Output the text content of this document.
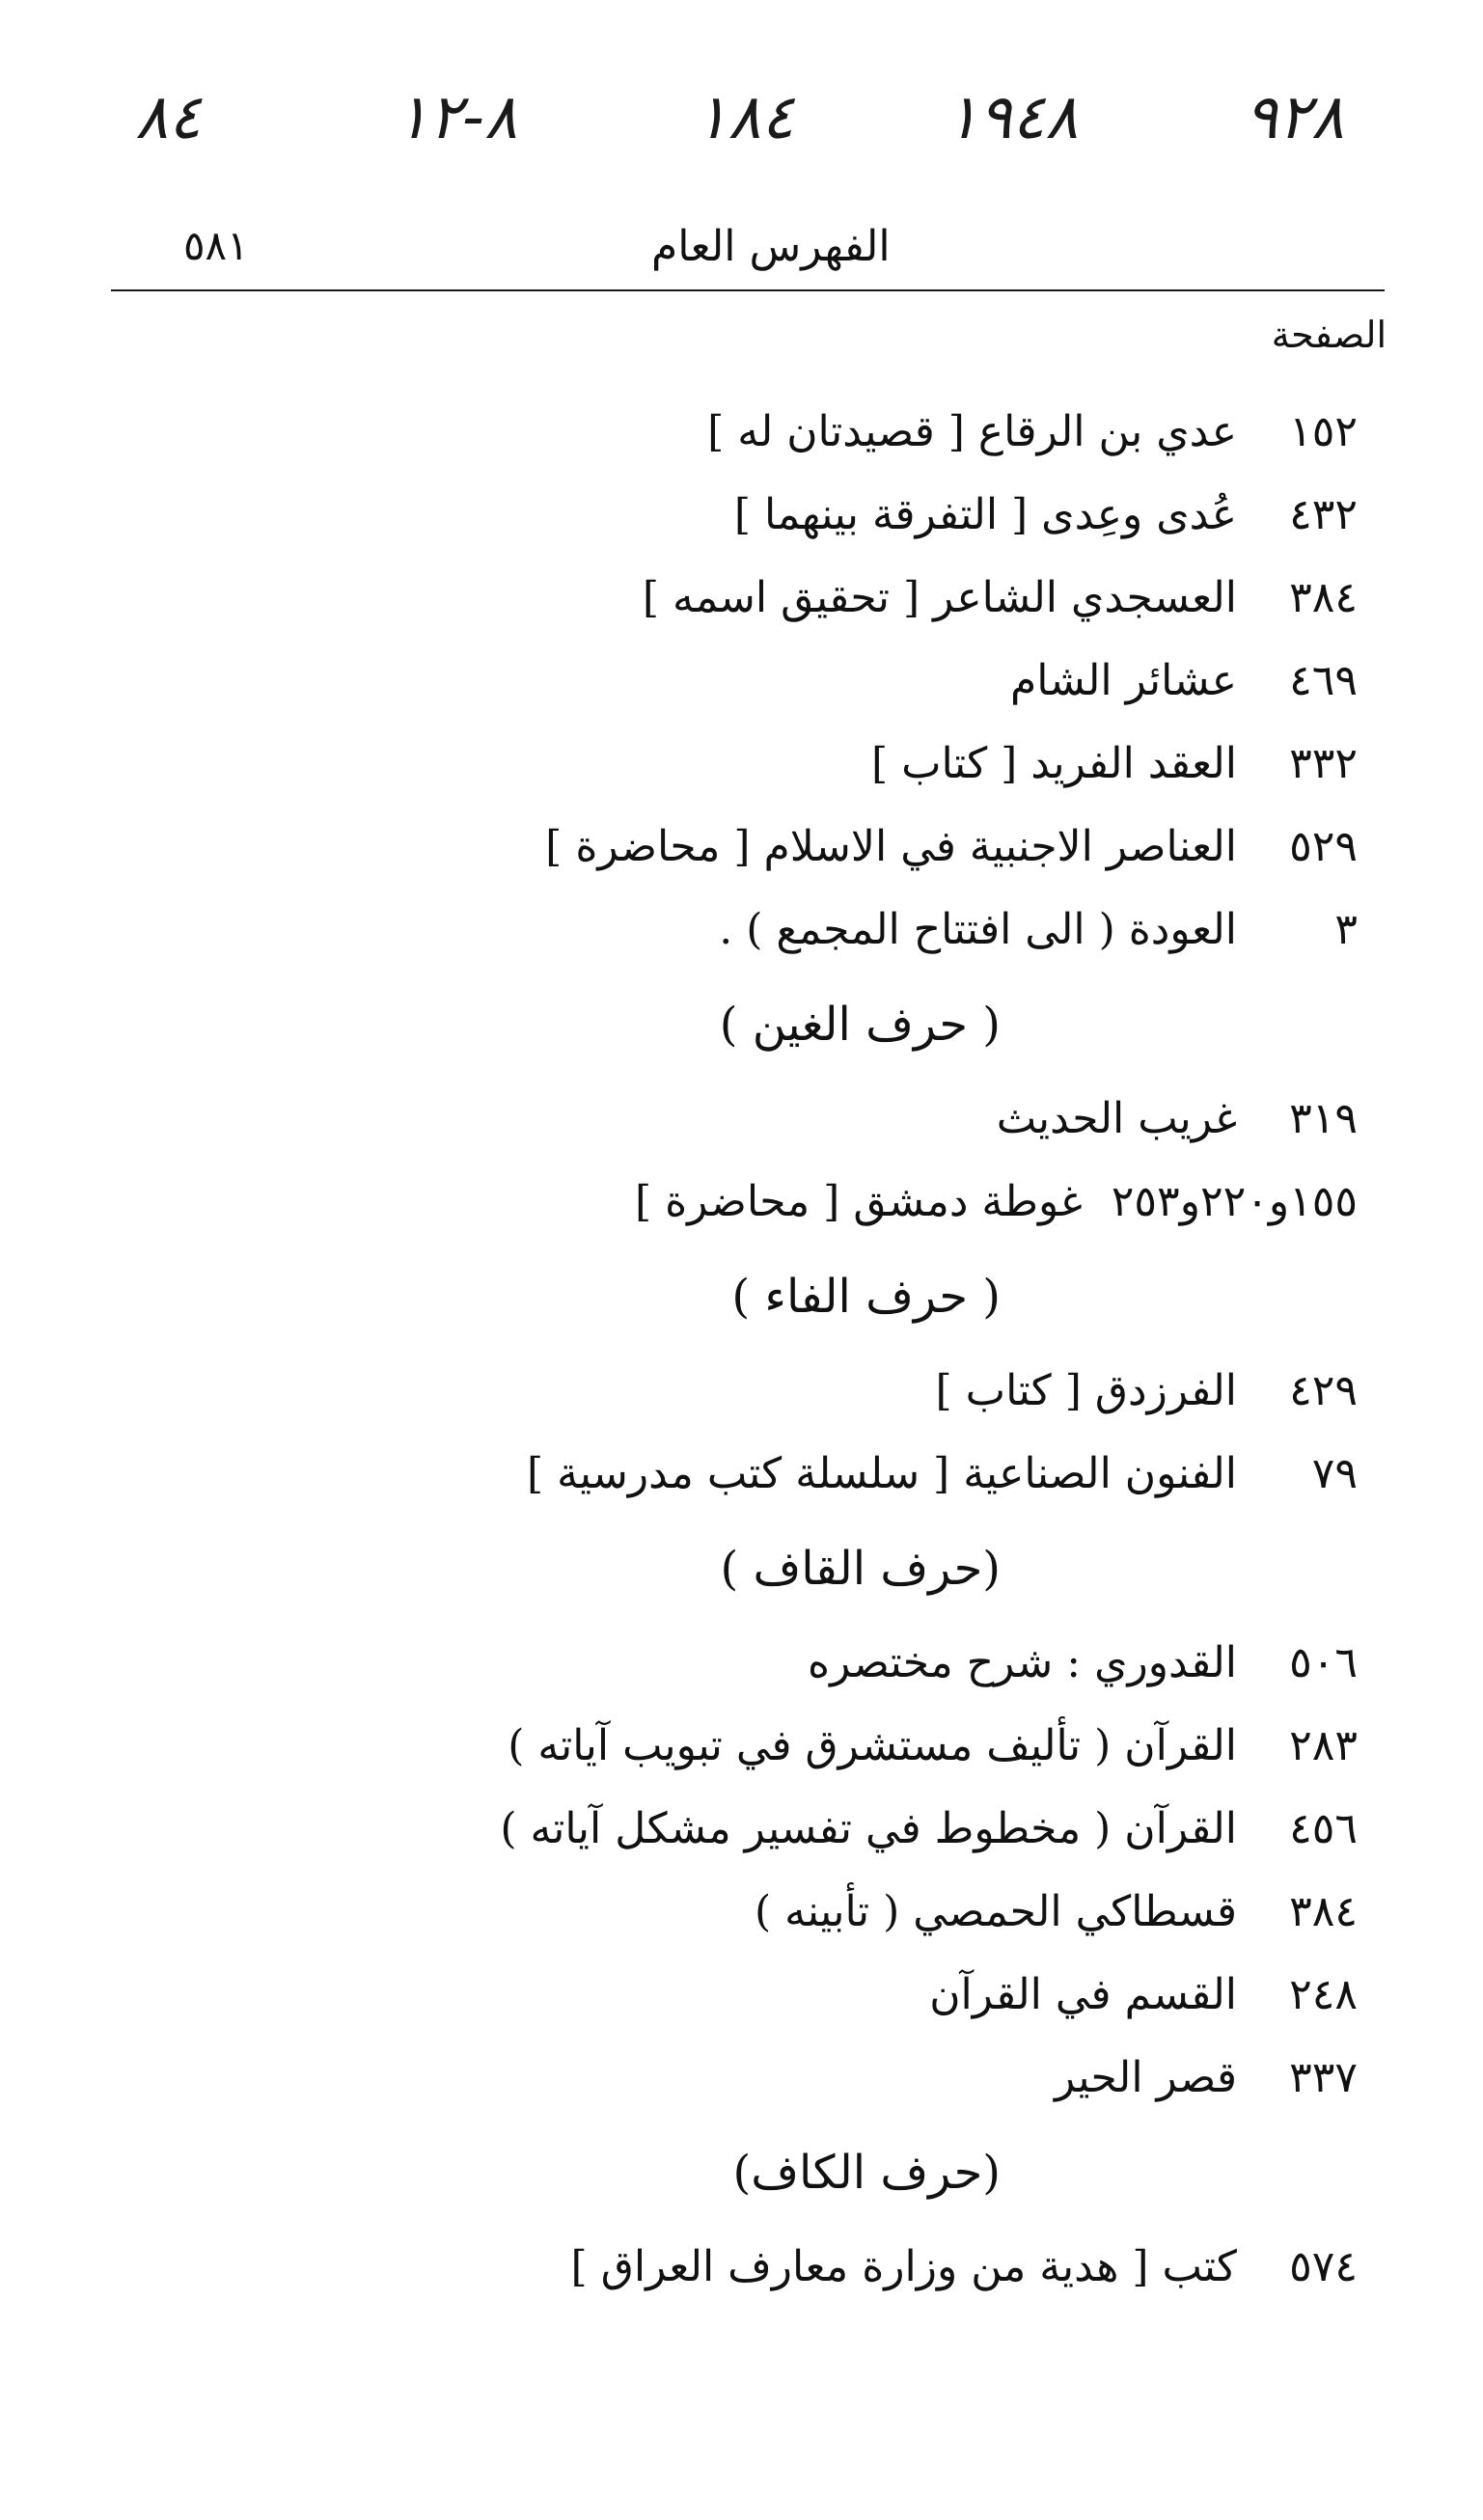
٩٢٨
١٩٤٨
١٨٤
٨-١٢
٨٤
٥٨١	الفهرس العام
الصفحة
١٥٢عدي بن الرقاع [ قصيدتان له ]
٤٣٢عُدى وعِدى [ التفرقة بينهما ]
٣٨٤العسجدي الشاعر [ تحقيق اسمه ]
٤٦٩عشائر الشام
٣٣٢العقد الفريد [ كتاب ]
٥٢٩العناصر الاجنبية في الاسلام [ محاضرة ]
٣العودة ( الى افتتاح المجمع ) .
( حرف الغين )
٣١٩غريب الحديث
١٥٥و٢٢٠و٢٥٣غوطة دمشق [ محاضرة ]
( حرف الفاء )
٤٢٩الفرزدق [ كتاب ]
٧٩الفنون الصناعية [ سلسلة كتب مدرسية ]
(حرف القاف )
٥٠٦القدوري : شرح مختصره
٢٨٣القرآن ( تأليف مستشرق في تبويب آياته )
٤٥٦القرآن ( مخطوط في تفسير مشكل آياته )
٣٨٤قسطاكي الحمصي ( تأبينه )
٢٤٨القسم في القرآن
٣٣٧قصر الحير
(حرف الكاف)
٥٧٤كتب [ هدية من وزارة معارف العراق ]
